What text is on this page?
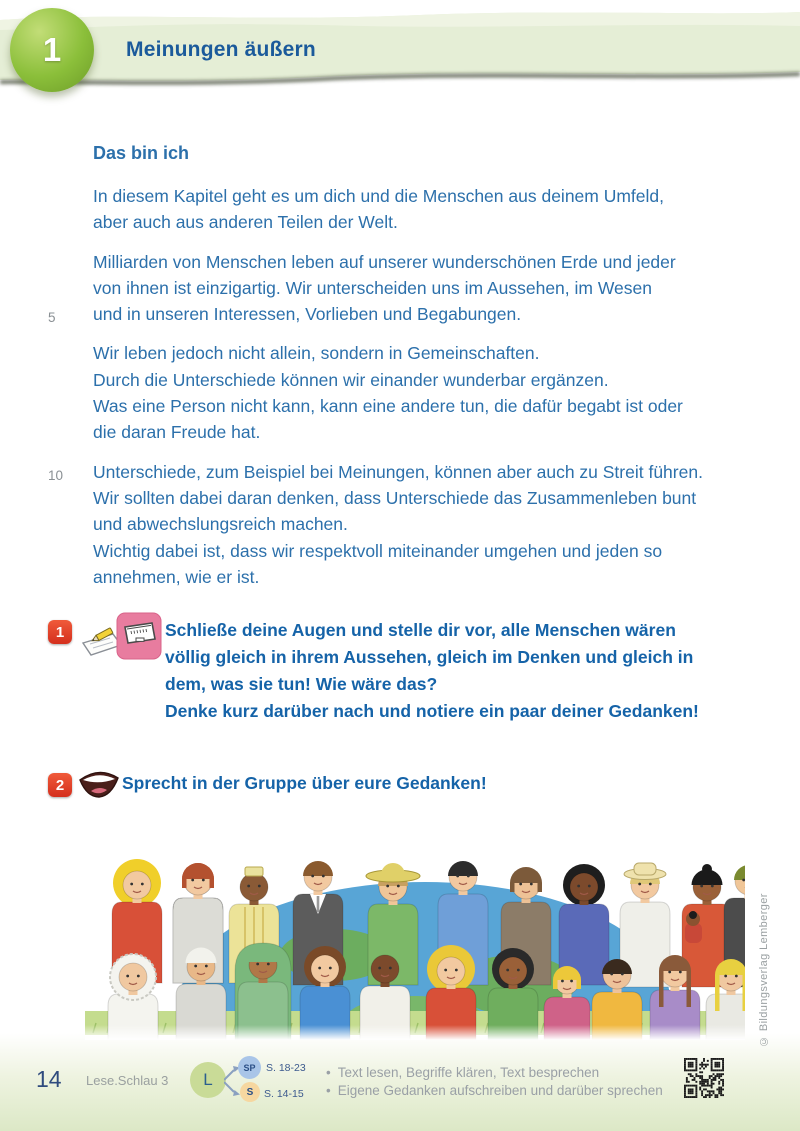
1	Meinungen äußern
Das bin ich
In diesem Kapitel geht es um dich und die Menschen aus deinem Umfeld,
aber auch aus anderen Teilen der Welt.
Milliarden von Menschen leben auf unserer wunderschönen Erde und jeder
von ihnen ist einzigartig. Wir unterscheiden uns im Aussehen, im Wesen
5	und in unseren Interessen, Vorlieben und Begabungen.
Wir leben jedoch nicht allein, sondern in Gemeinschaften.
Durch die Unterschiede können wir einander wunderbar ergänzen.
Was eine Person nicht kann, kann eine andere tun, die dafür begabt ist oder
die daran Freude hat.
10	Unterschiede, zum Beispiel bei Meinungen, können aber auch zu Streit führen.
Wir sollten dabei daran denken, dass Unterschiede das Zusammenleben bunt
und abwechslungsreich machen.
Wichtig dabei ist, dass wir respektvoll miteinander umgehen und jeden so
annehmen, wie er ist.
1	Schließe deine Augen und stelle dir vor, alle Menschen wären
völlig gleich in ihrem Aussehen, gleich im Denken und gleich in
dem, was sie tun! Wie wäre das?
Denke kurz darüber nach und notiere ein paar deiner Gedanken!
2	Sprecht in der Gruppe über eure Gedanken!
© Bildungsverlag Lemberger
14 Lese.Schlau 3 L
SP
S
S. 18-23
S. 14-15
• Text lesen, Begriffe klären, Text besprechen
• Eigene Gedanken aufschreiben und darüber sprechen
